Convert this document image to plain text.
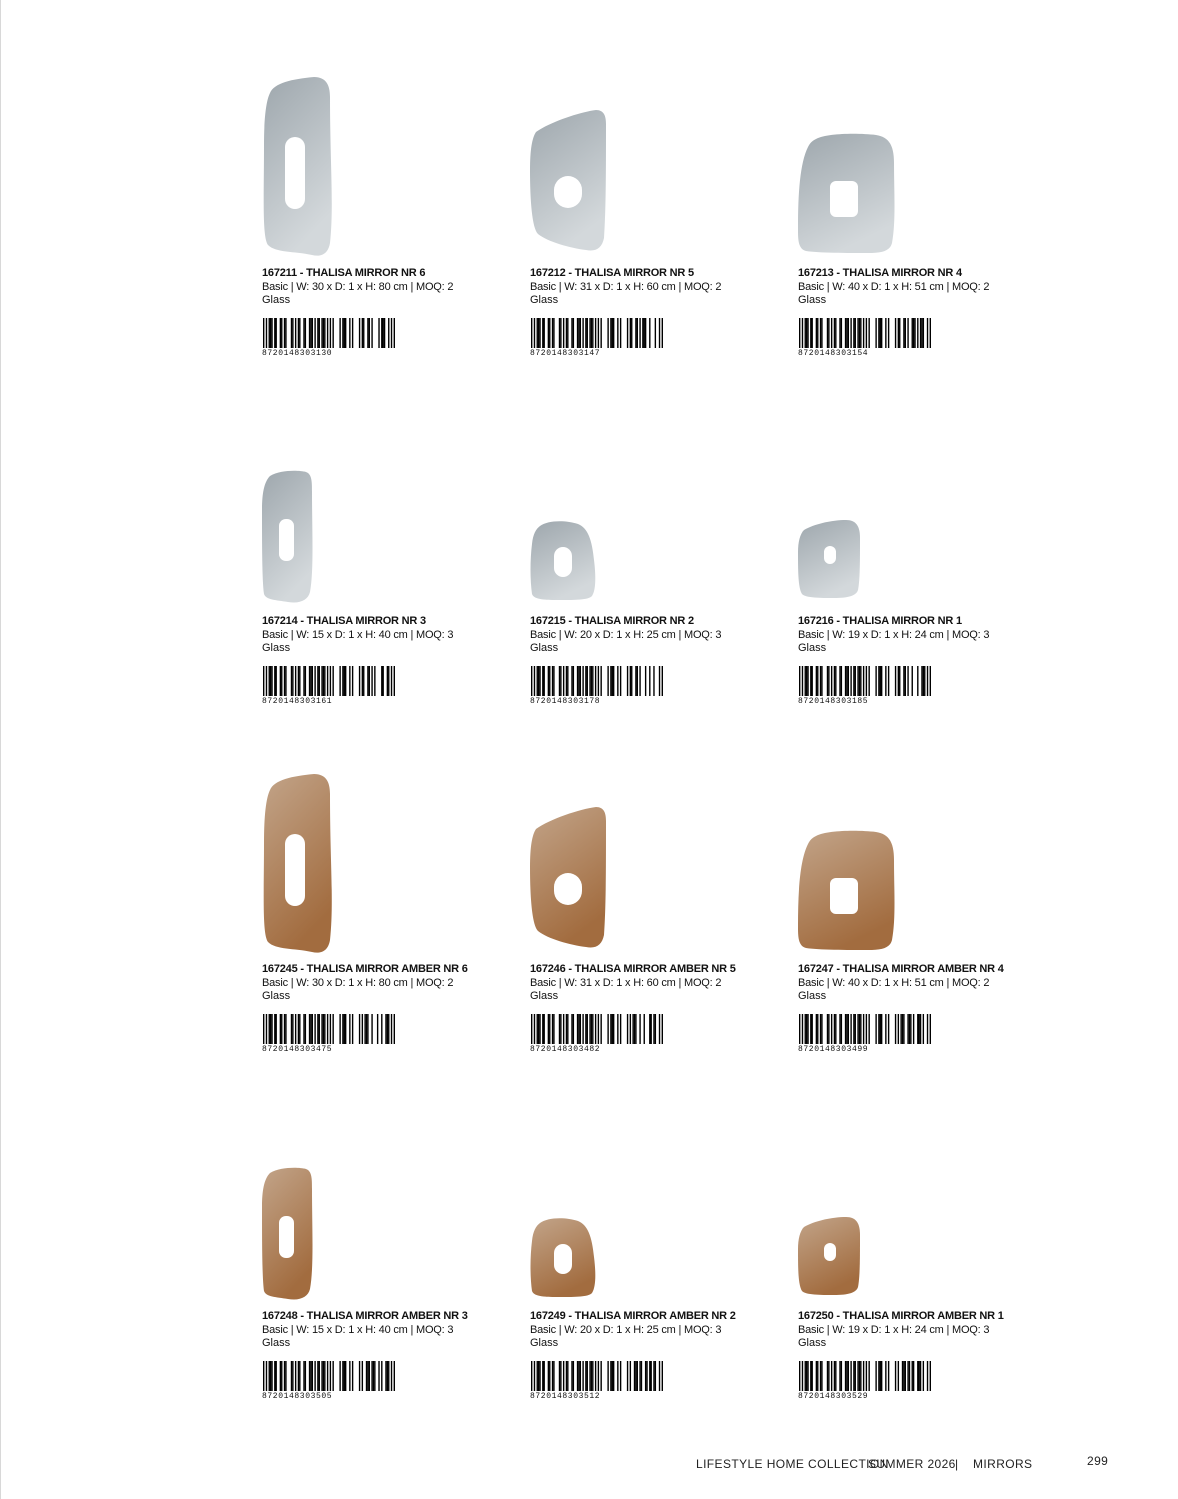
167211 - THALISA MIRROR NR 6
Basic | W: 30 x D: 1 x H: 80 cm | MOQ: 2
Glass
8720148303130
167212 - THALISA MIRROR NR 5
Basic | W: 31 x D: 1 x H: 60 cm | MOQ: 2
Glass
8720148303147
167213 - THALISA MIRROR NR 4
Basic | W: 40 x D: 1 x H: 51 cm | MOQ: 2
Glass
8720148303154
167214 - THALISA MIRROR NR 3
Basic | W: 15 x D: 1 x H: 40 cm | MOQ: 3
Glass
8720148303161
167215 - THALISA MIRROR NR 2
Basic | W: 20 x D: 1 x H: 25 cm | MOQ: 3
Glass
8720148303178
167216 - THALISA MIRROR NR 1
Basic | W: 19 x D: 1 x H: 24 cm | MOQ: 3
Glass
8720148303185
167245 - THALISA MIRROR AMBER NR 6
Basic | W: 30 x D: 1 x H: 80 cm | MOQ: 2
Glass
8720148303475
167246 - THALISA MIRROR AMBER NR 5
Basic | W: 31 x D: 1 x H: 60 cm | MOQ: 2
Glass
8720148303482
167247 - THALISA MIRROR AMBER NR 4
Basic | W: 40 x D: 1 x H: 51 cm | MOQ: 2
Glass
8720148303499
167248 - THALISA MIRROR AMBER NR 3
Basic | W: 15 x D: 1 x H: 40 cm | MOQ: 3
Glass
8720148303505
167249 - THALISA MIRROR AMBER NR 2
Basic | W: 20 x D: 1 x H: 25 cm | MOQ: 3
Glass
8720148303512
167250 - THALISA MIRROR AMBER NR 1
Basic | W: 19 x D: 1 x H: 24 cm | MOQ: 3
Glass
8720148303529
LIFESTYLE HOME COLLECTION
SUMMER 2026 | MIRRORS	299
